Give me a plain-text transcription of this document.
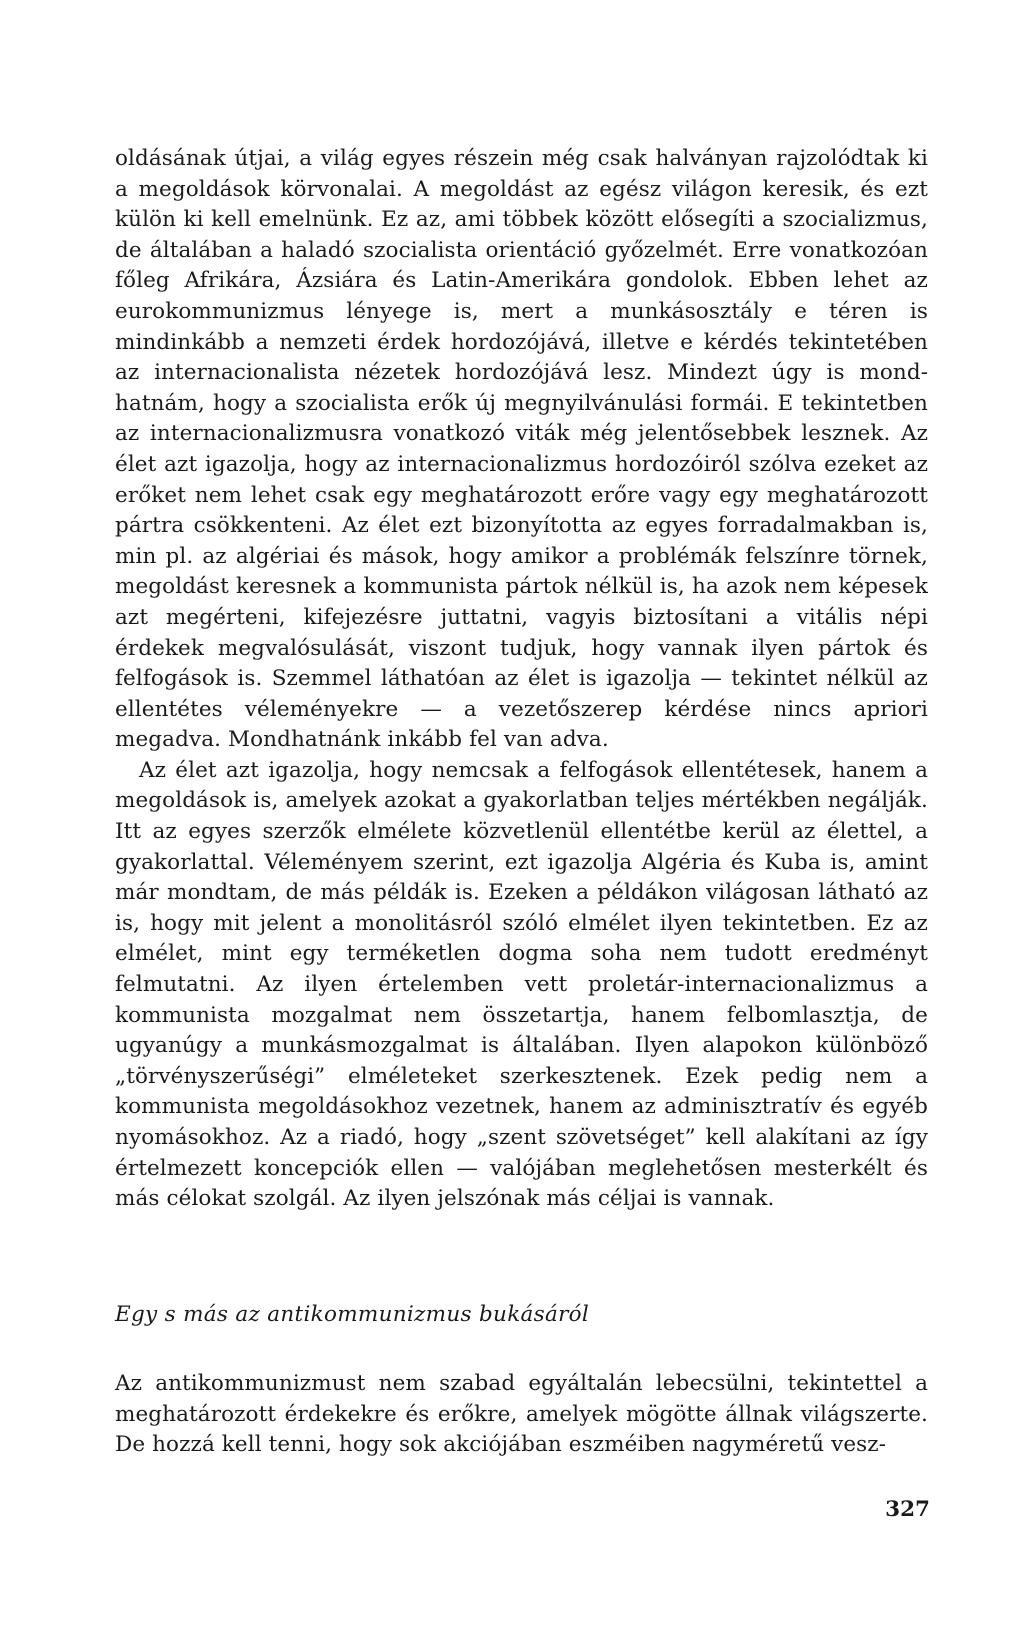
oldásának útjai, a világ egyes részein még csak halványan rajzolódtak ki a megoldások körvonalai. A megoldást az egész világon keresik, és ezt külön ki kell emelnünk. Ez az, ami többek között elősegíti a szocializmus, de általában a haladó szocialista orientáció győzelmét. Erre vonatkozóan főleg Afrikára, Ázsiára és Latin-Amerikára gondolok. Ebben lehet az eurokommunizmus lényege is, mert a munkásosztály e téren is mindinkább a nemzeti érdek hordozójává, illetve e kérdés tekintetében az internacionalista nézetek hordozójává lesz. Mindezt úgy is mondhatnám, hogy a szocialista erők új megnyilvánulási formái. E tekintetben az internacionalizmusra vonatkozó viták még jelentősebbek lesznek. Az élet azt igazolja, hogy az internacionalizmus hordozóiról szólva ezeket az erőket nem lehet csak egy meghatározott erőre vagy egy meghatározott pártra csökkenteni. Az élet ezt bizonyította az egyes forradalmakban is, min pl. az algériai és mások, hogy amikor a problémák felszínre törnek, megoldást keresnek a kommunista pártok nélkül is, ha azok nem képesek azt megérteni, kifejezésre juttatni, vagyis biztosítani a vitális népi érdekek megvalósulását, viszont tudjuk, hogy vannak ilyen pártok és felfogások is. Szemmel láthatóan az élet is igazolja — tekintet nélkül az ellentétes véleményekre — a vezetőszerep kérdése nincs apriori megadva. Mondhatnánk inkább fel van adva.

Az élet azt igazolja, hogy nemcsak a felfogások ellentétesek, hanem a megoldások is, amelyek azokat a gyakorlatban teljes mértékben negálják. Itt az egyes szerzők elmélete közvetlenül ellentétbe kerül az élettel, a gyakorlattal. Véleményem szerint, ezt igazolja Algéria és Kuba is, amint már mondtam, de más példák is. Ezeken a példákon világosan látható az is, hogy mit jelent a monolitásról szóló elmélet ilyen tekintetben. Ez az elmélet, mint egy terméketlen dogma soha nem tudott eredményt felmutatni. Az ilyen értelemben vett proletár-internacionalizmus a kommunista mozgalmat nem összetartja, hanem felbomlasztja, de ugyanúgy a munkásmozgalmat is általában. Ilyen alapokon különböző „törvényszerűségi” elméleteket szerkesztenek. Ezek pedig nem a kommunista megoldásokhoz vezetnek, hanem az adminisztratív és egyéb nyomásokhoz. Az a riadó, hogy „szent szövetséget” kell alakítani az így értelmezett koncepciók ellen — valójában meglehetősen mesterkélt és más célokat szolgál. Az ilyen jelszónak más céljai is vannak.

Egy s más az antikommunizmus bukásáról

Az antikommunizmust nem szabad egyáltalán lebecsülni, tekintettel a meghatározott érdekekre és erőkre, amelyek mögötte állnak világszerte. De hozzá kell tenni, hogy sok akciójában eszméiben nagyméretű vesz-

327
